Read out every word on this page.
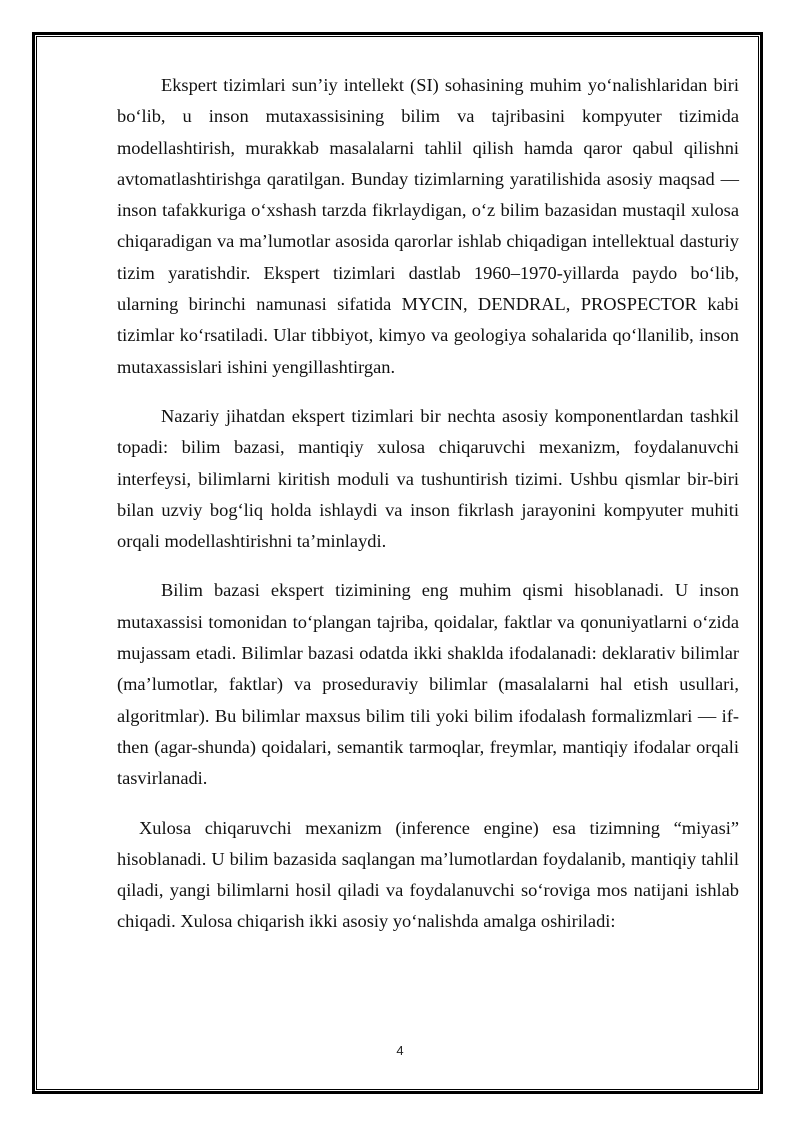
Ekspert tizimlari sun’iy intellekt (SI) sohasining muhim yo‘nalishlaridan biri bo‘lib, u inson mutaxassisining bilim va tajribasini kompyuter tizimida modellashtirish, murakkab masalalarni tahlil qilish hamda qaror qabul qilishni avtomatlashtirishga qaratilgan. Bunday tizimlarning yaratilishida asosiy maqsad — inson tafakkuriga o‘xshash tarzda fikrlaydigan, o‘z bilim bazasidan mustaqil xulosa chiqaradigan va ma’lumotlar asosida qarorlar ishlab chiqadigan intellektual dasturiy tizim yaratishdir. Ekspert tizimlari dastlab 1960–1970-yillarda paydo bo‘lib, ularning birinchi namunasi sifatida MYCIN, DENDRAL, PROSPECTOR kabi tizimlar ko‘rsatiladi. Ular tibbiyot, kimyo va geologiya sohalarida qo‘llanilib, inson mutaxassislari ishini yengillashtirgan.

Nazariy jihatdan ekspert tizimlari bir nechta asosiy komponentlardan tashkil topadi: bilim bazasi, mantiqiy xulosa chiqaruvchi mexanizm, foydalanuvchi interfeysi, bilimlarni kiritish moduli va tushuntirish tizimi. Ushbu qismlar bir-biri bilan uzviy bog‘liq holda ishlaydi va inson fikrlash jarayonini kompyuter muhiti orqali modellashtirishni ta’minlaydi.

Bilim bazasi ekspert tizimining eng muhim qismi hisoblanadi. U inson mutaxassisi tomonidan to‘plangan tajriba, qoidalar, faktlar va qonuniyatlarni o‘zida mujassam etadi. Bilimlar bazasi odatda ikki shaklda ifodalanadi: deklarativ bilimlar (ma’lumotlar, faktlar) va proseduraviy bilimlar (masalalarni hal etish usullari, algoritmlar). Bu bilimlar maxsus bilim tili yoki bilim ifodalash formalizmlari — if-then (agar-shunda) qoidalari, semantik tarmoqlar, freymlar, mantiqiy ifodalar orqali tasvirlanadi.

Xulosa chiqaruvchi mexanizm (inference engine) esa tizimning “miyasi” hisoblanadi. U bilim bazasida saqlangan ma’lumotlardan foydalanib, mantiqiy tahlil qiladi, yangi bilimlarni hosil qiladi va foydalanuvchi so‘roviga mos natijani ishlab chiqadi. Xulosa chiqarish ikki asosiy yo‘nalishda amalga oshiriladi:

4
